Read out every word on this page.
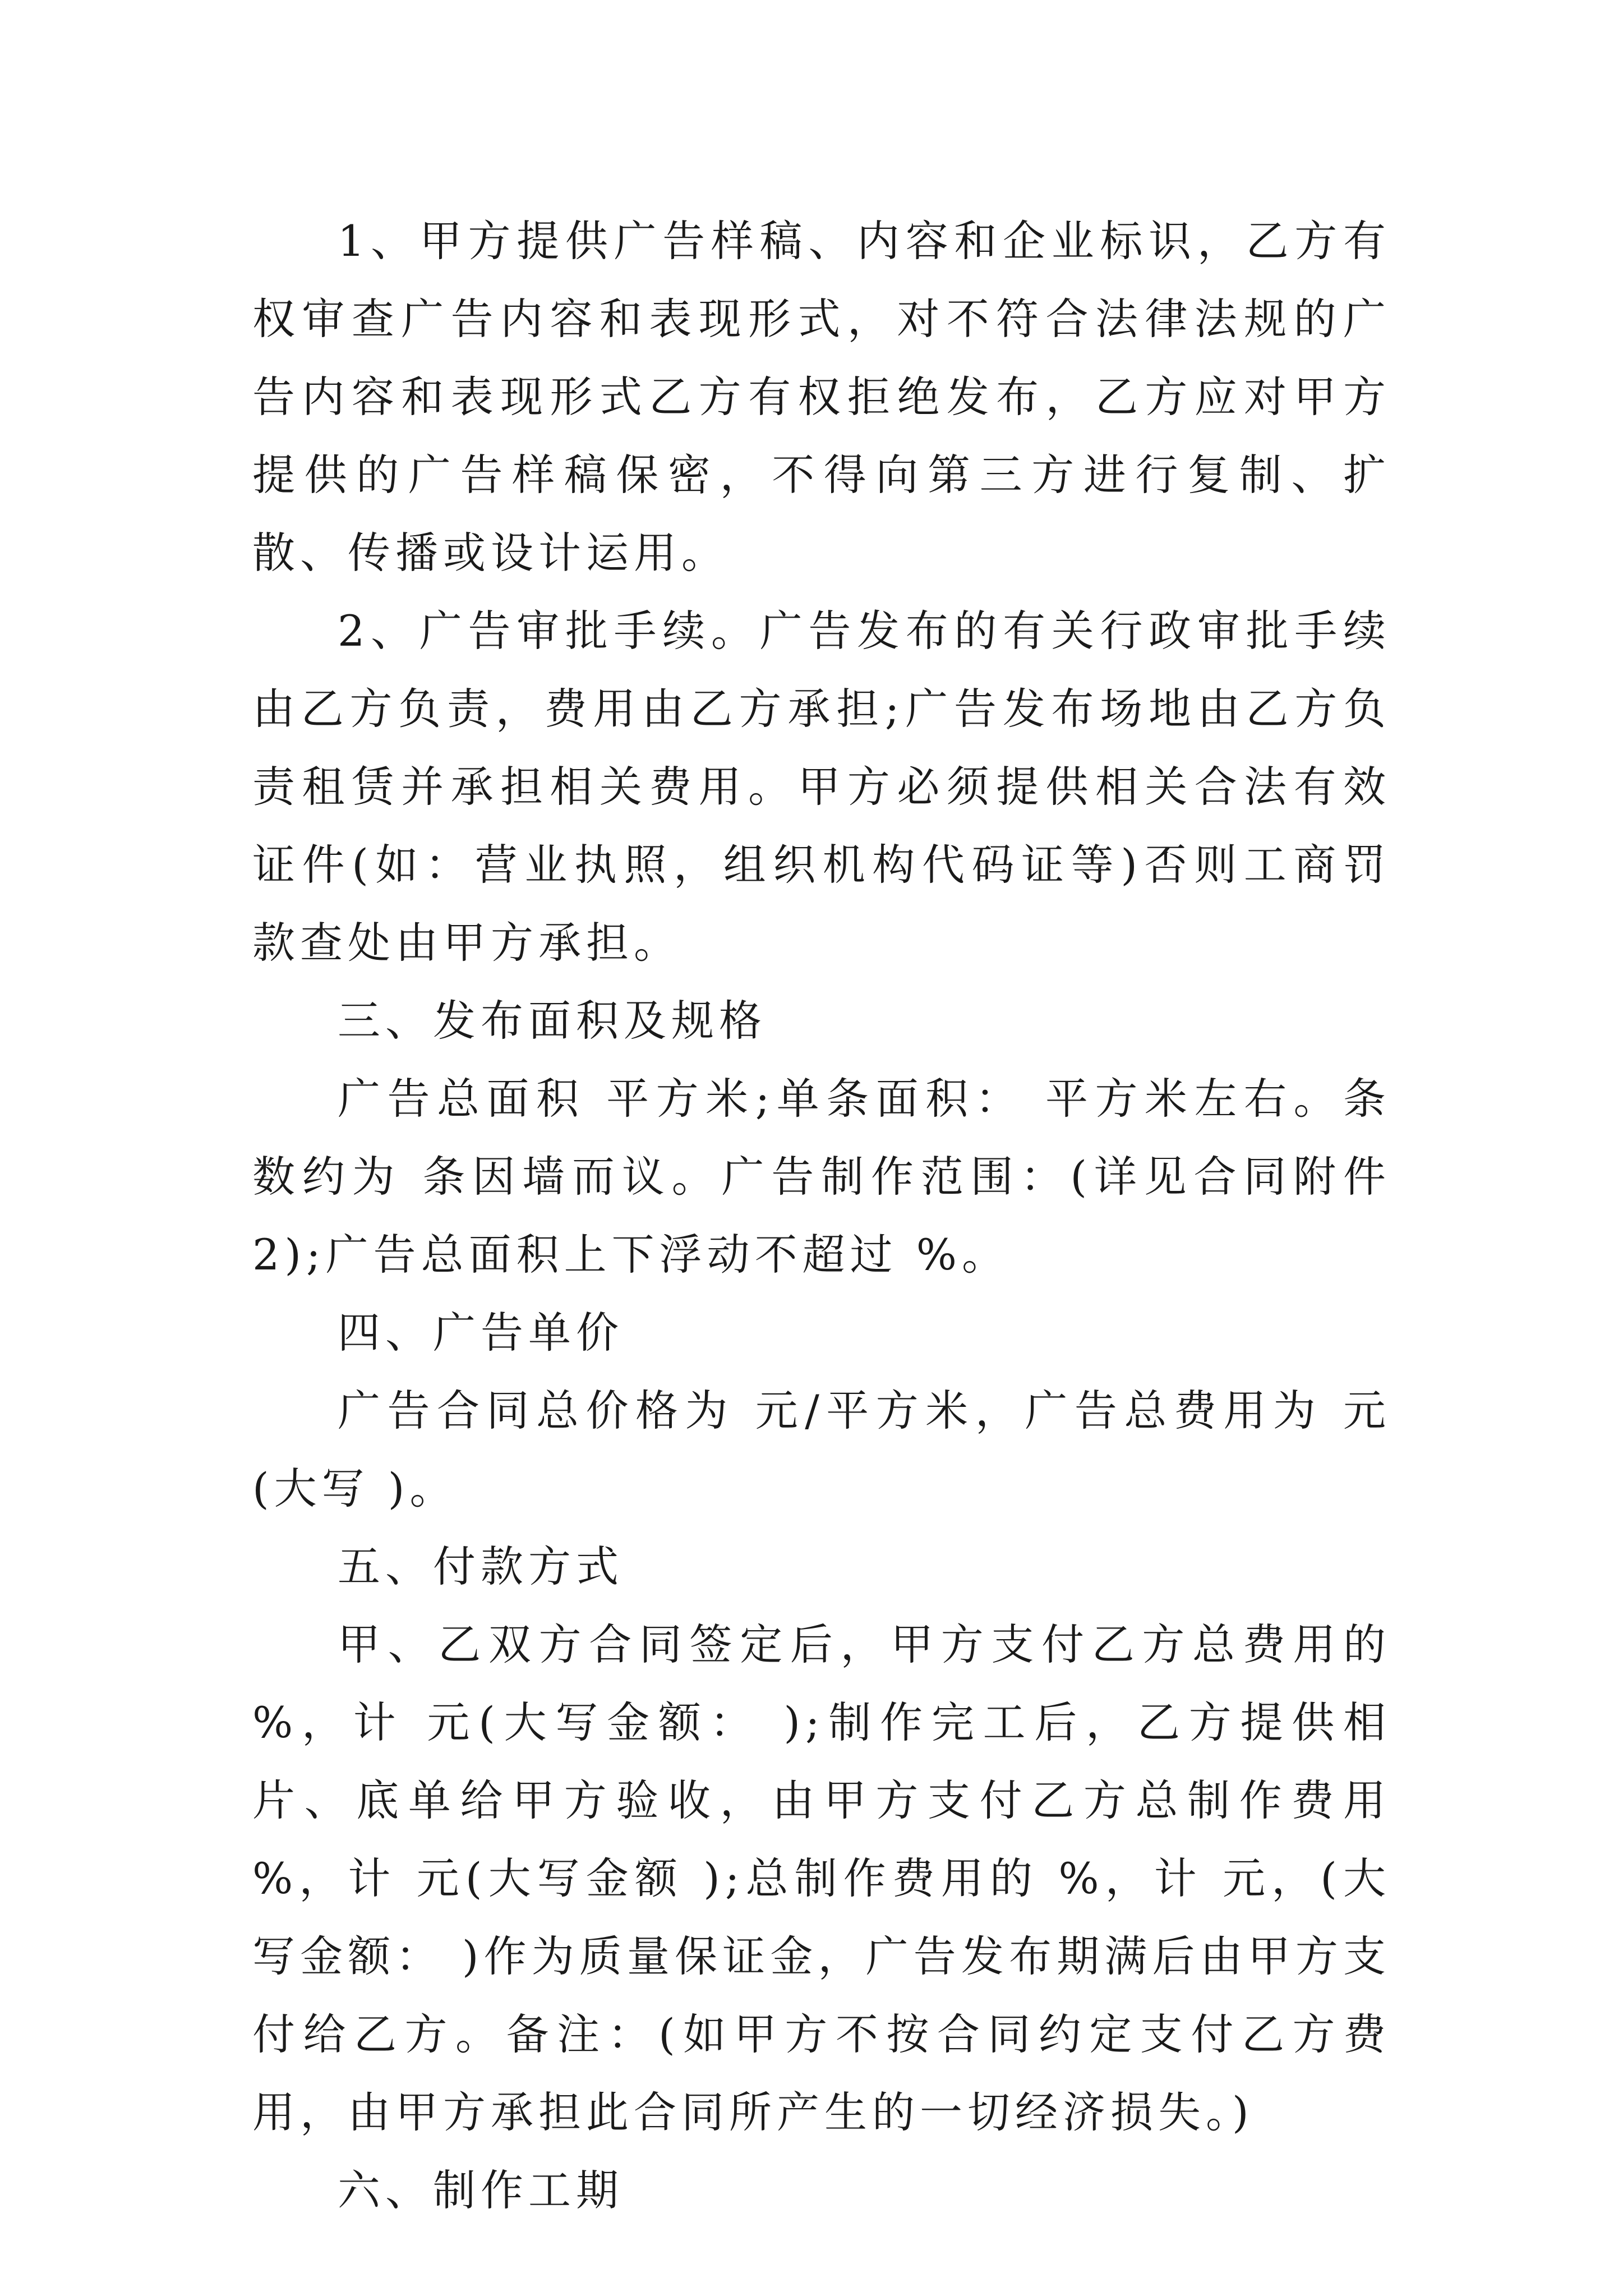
1、甲方提供广告样稿、内容和企业标识，乙方有权审查广告内容和表现形式，对不符合法律法规的广告内容和表现形式乙方有权拒绝发布，乙方应对甲方提供的广告样稿保密，不得向第三方进行复制、扩散、传播或设计运用。

2、广告审批手续。广告发布的有关行政审批手续由乙方负责，费用由乙方承担;广告发布场地由乙方负责租赁并承担相关费用。甲方必须提供相关合法有效证件(如：营业执照，组织机构代码证等)否则工商罚款查处由甲方承担。

三、发布面积及规格

广告总面积 平方米;单条面积： 平方米左右。条数约为 条因墙而议。广告制作范围：(详见合同附件2);广告总面积上下浮动不超过 %。

四、广告单价

广告合同总价格为 元/平方米，广告总费用为 元(大写 )。

五、付款方式

甲、乙双方合同签定后，甲方支付乙方总费用的 %，计 元(大写金额： );制作完工后，乙方提供相片、底单给甲方验收，由甲方支付乙方总制作费用 %，计 元(大写金额 );总制作费用的 %，计 元，(大写金额： )作为质量保证金，广告发布期满后由甲方支付给乙方。备注：(如甲方不按合同约定支付乙方费用，由甲方承担此合同所产生的一切经济损失。)

六、制作工期
